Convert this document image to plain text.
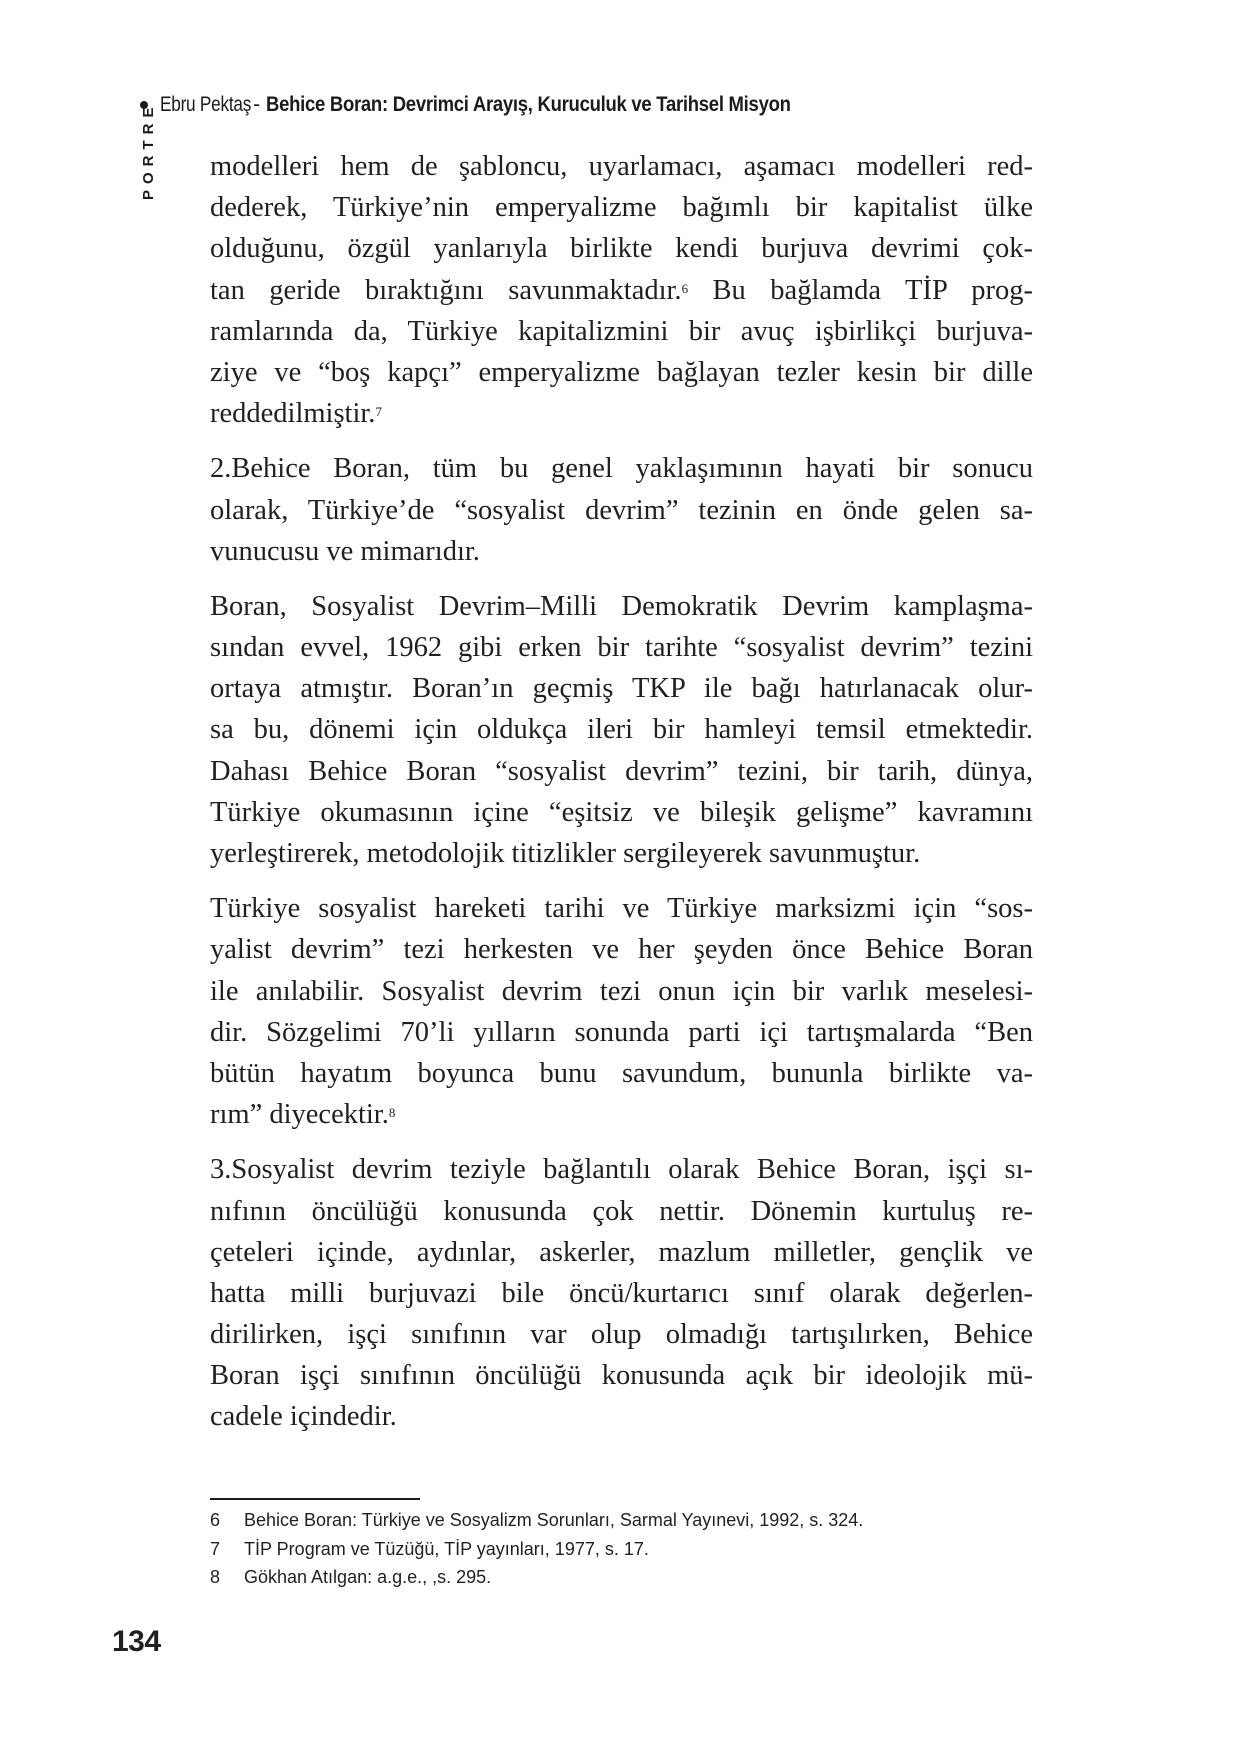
Ebru Pektaş - Behice Boran: Devrimci Arayış, Kuruculuk ve Tarihsel Misyon
PORTRE modelleri hem de şabloncu, uyarlamacı, aşamacı modelleri red-
dederek, Türkiye’nin emperyalizme bağımlı bir kapitalist ülke
olduğunu, özgül yanlarıyla birlikte kendi burjuva devrimi çok-
tan geride bıraktığını savunmaktadır.$^6$ Bu bağlamda TİP prog-
ramlarında da, Türkiye kapitalizmini bir avuç işbirlikçi burjuva-
ziye ve “boş kapçı” emperyalizme bağlayan tezler kesin bir dille
reddedilmiştir.$^7$
2.Behice Boran, tüm bu genel yaklaşımının hayati bir sonucu
olarak, Türkiye’de “sosyalist devrim” tezinin en önde gelen sa-
vunucusu ve mimarıdır.
Boran, Sosyalist Devrim–Milli Demokratik Devrim kamplaşma-
sından evvel, 1962 gibi erken bir tarihte “sosyalist devrim” tezini
ortaya atmıştır. Boran’ın geçmiş TKP ile bağı hatırlanacak olur-
sa bu, dönemi için oldukça ileri bir hamleyi temsil etmektedir.
Dahası Behice Boran “sosyalist devrim” tezini, bir tarih, dünya,
Türkiye okumasının içine “eşitsiz ve bileşik gelişme” kavramını
yerleştirerek, metodolojik titizlikler sergileyerek savunmuştur.
Türkiye sosyalist hareketi tarihi ve Türkiye marksizmi için “sos-
yalist devrim” tezi herkesten ve her şeyden önce Behice Boran
ile anılabilir. Sosyalist devrim tezi onun için bir varlık meselesi-
dir. Sözgelimi 70’li yılların sonunda parti içi tartışmalarda “Ben
bütün hayatım boyunca bunu savundum, bununla birlikte va-
rım” diyecektir.$^8$
3.Sosyalist devrim teziyle bağlantılı olarak Behice Boran, işçi sı-
nıfının öncülüğü konusunda çok nettir. Dönemin kurtuluş re-
çeteleri içinde, aydınlar, askerler, mazlum milletler, gençlik ve
hatta milli burjuvazi bile öncü/kurtarıcı sınıf olarak değerlen-
dirilirken, işçi sınıfının var olup olmadığı tartışılırken, Behice
Boran işçi sınıfının öncülüğü konusunda açık bir ideolojik mü-
cadele içindedir.
6	Behice Boran: Türkiye ve Sosyalizm Sorunları, Sarmal Yayınevi, 1992, s. 324.
7	TİP Program ve Tüzüğü, TİP yayınları, 1977, s. 17.
8	Gökhan Atılgan: a.g.e., ,s. 295.
134
